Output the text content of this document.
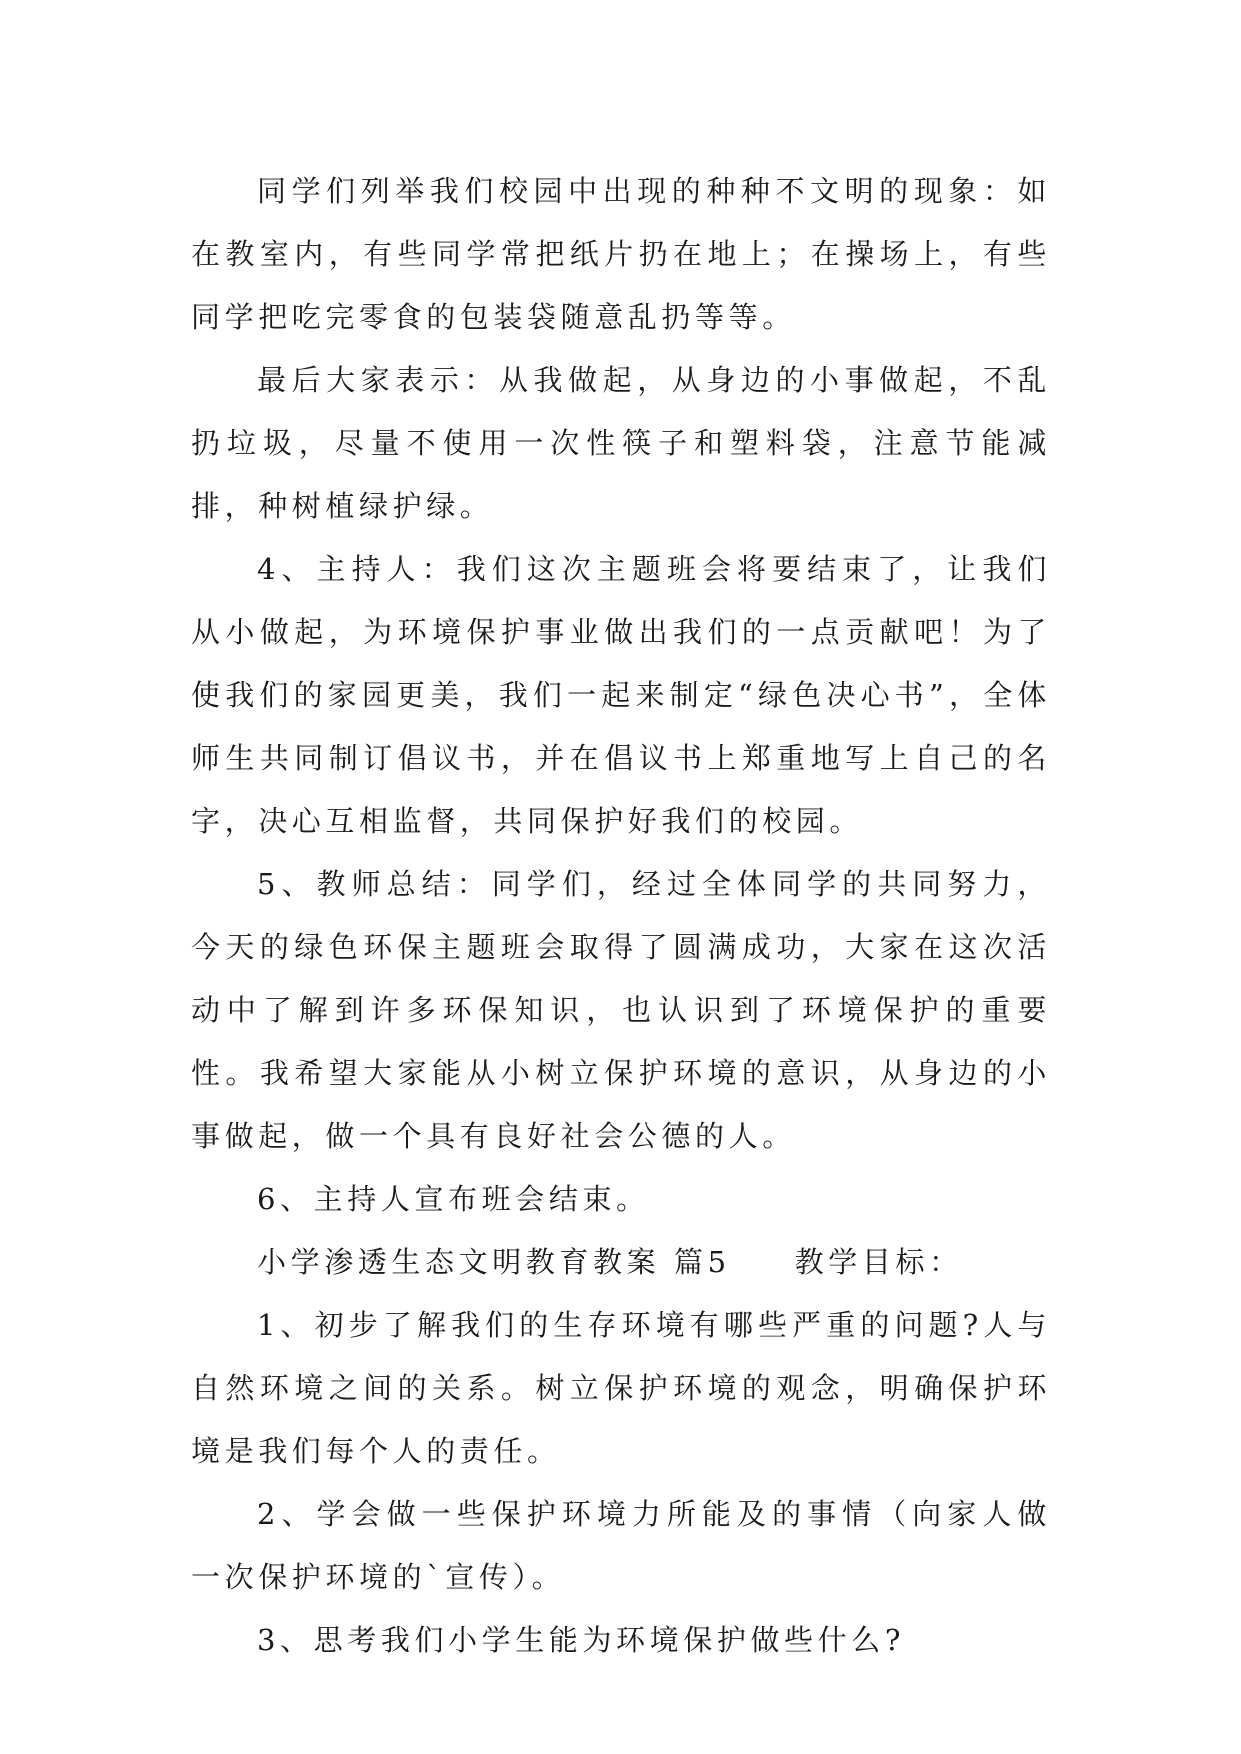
同学们列举我们校园中出现的种种不文明的现象：如在教室内，有些同学常把纸片扔在地上；在操场上，有些同学把吃完零食的包装袋随意乱扔等等。

最后大家表示：从我做起，从身边的小事做起，不乱扔垃圾，尽量不使用一次性筷子和塑料袋，注意节能减排，种树植绿护绿。

4、主持人：我们这次主题班会将要结束了，让我们从小做起，为环境保护事业做出我们的一点贡献吧！为了使我们的家园更美，我们一起来制定“绿色决心书”，全体师生共同制订倡议书，并在倡议书上郑重地写上自己的名字，决心互相监督，共同保护好我们的校园。

5、教师总结：同学们，经过全体同学的共同努力，今天的绿色环保主题班会取得了圆满成功，大家在这次活动中了解到许多环保知识，也认识到了环境保护的重要性。我希望大家能从小树立保护环境的意识，从身边的小事做起，做一个具有良好社会公德的人。

6、主持人宣布班会结束。

小学渗透生态文明教育教案 篇5 教学目标：

1、初步了解我们的生存环境有哪些严重的问题?人与自然环境之间的关系。树立保护环境的观念，明确保护环境是我们每个人的责任。

2、学会做一些保护环境力所能及的事情（向家人做一次保护环境的`宣传）。

3、思考我们小学生能为环境保护做些什么?
